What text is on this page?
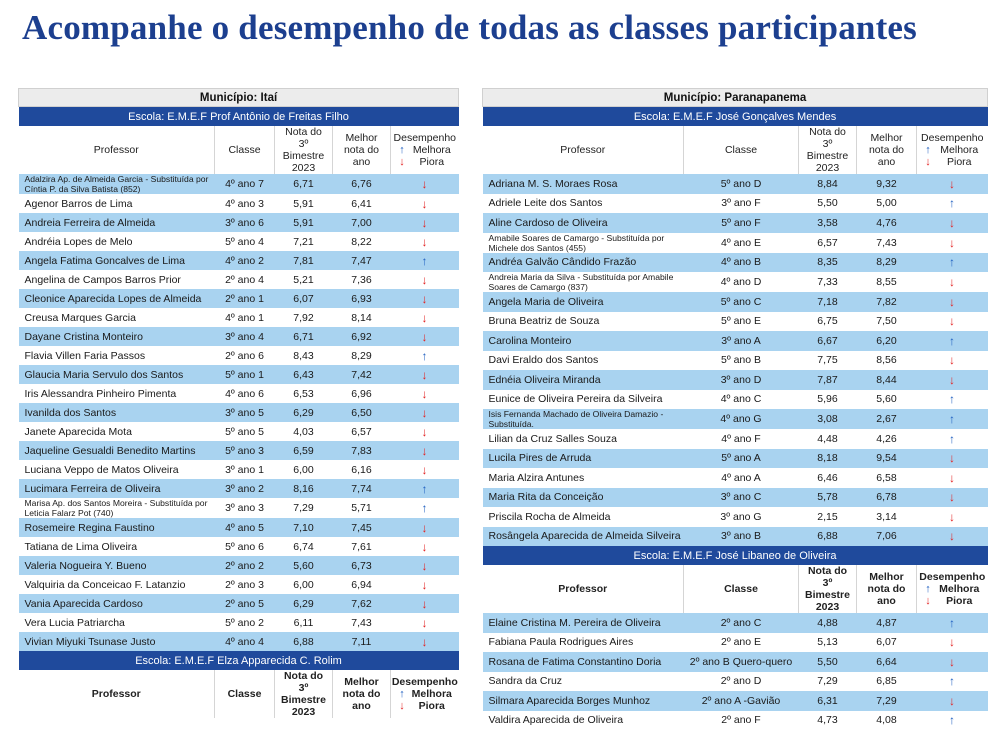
Acompanhe o desempenho de todas as classes participantes
Município: Itaí				
Escola: E.M.E.F Prof Antônio de Freitas Filho				
Professor	Classe	Nota do 3º Bimestre 2023	Melhor nota do ano	Desempenho
↑
↓
Melhora
Piora

Adalzira Ap. de Almeida Garcia - Substituída por Cíntia P. da Silva Batista (852)	4º ano 7	6,71	6,76	↓
Agenor Barros de Lima	4º ano 3	5,91	6,41	↓
Andreia Ferreira de Almeida	3º ano 6	5,91	7,00	↓
Andréia Lopes de Melo	5º ano 4	7,21	8,22	↓
Angela Fatima Goncalves de Lima	4º ano 2	7,81	7,47	↑
Angelina de Campos Barros Prior	2º ano 4	5,21	7,36	↓
Cleonice Aparecida Lopes de Almeida	2º ano 1	6,07	6,93	↓
Creusa Marques Garcia	4º ano 1	7,92	8,14	↓
Dayane Cristina Monteiro	3º ano 4	6,71	6,92	↓
Flavia Villen Faria Passos	2º ano 6	8,43	8,29	↑
Glaucia Maria Servulo dos Santos	5º ano 1	6,43	7,42	↓
Iris Alessandra Pinheiro Pimenta	4º ano 6	6,53	6,96	↓
Ivanilda dos Santos	3º ano 5	6,29	6,50	↓
Janete Aparecida Mota	5º ano 5	4,03	6,57	↓
Jaqueline Gesualdi Benedito Martins	5º ano 3	6,59	7,83	↓
Luciana Veppo de Matos Oliveira	3º ano 1	6,00	6,16	↓
Lucimara Ferreira de Oliveira	3º ano 2	8,16	7,74	↑
Marisa Ap. dos Santos Moreira - Substituída por Leticia Falarz Pot (740)	3º ano 3	7,29	5,71	↑
Rosemeire Regina Faustino	4º ano 5	7,10	7,45	↓
Tatiana de Lima Oliveira	5º ano 6	6,74	7,61	↓
Valeria Nogueira Y. Bueno	2º ano 2	5,60	6,73	↓
Valquiria da Conceicao F. Latanzio	2º ano 3	6,00	6,94	↓
Vania Aparecida Cardoso	2º ano 5	6,29	7,62	↓
Vera Lucia Patriarcha	5º ano 2	6,11	7,43	↓
Vivian Miyuki Tsunase Justo	4º ano 4	6,88	7,11	↓
Escola: E.M.E.F Elza Apparecida C. Rolim				
Professor	Classe	Nota do 3º Bimestre 2023	Melhor nota do ano	Desempenho
↑
↓
Melhora
Piora
Município: Paranapanema				
Escola: E.M.E.F José Gonçalves Mendes				
Professor	Classe	Nota do 3º Bimestre 2023	Melhor nota do ano	Desempenho
↑
↓
Melhora
Piora

Adriana M. S. Moraes Rosa	5º ano D	8,84	9,32	↓
Adriele Leite dos Santos	3º ano F	5,50	5,00	↑
Aline Cardoso de Oliveira	5º ano F	3,58	4,76	↓
Amabile Soares de Camargo - Substituída por Michele dos Santos (455)	4º ano E	6,57	7,43	↓
Andréa Galvão Cândido Frazão	4º ano B	8,35	8,29	↑
Andreia Maria da Silva - Substituída por Amabile Soares de Camargo (837)	4º ano D	7,33	8,55	↓
Angela Maria de Oliveira	5º ano C	7,18	7,82	↓
Bruna Beatriz de Souza	5º ano E	6,75	7,50	↓
Carolina Monteiro	3º ano A	6,67	6,20	↑
Davi Eraldo dos Santos	5º ano B	7,75	8,56	↓
Ednéia Oliveira Miranda	3º ano D	7,87	8,44	↓
Eunice de Oliveira Pereira da Silveira	4º ano C	5,96	5,60	↑
Isis Fernanda Machado de Oliveira Damazio - Substituída.	4º ano G	3,08	2,67	↑
Lilian da Cruz Salles Souza	4º ano F	4,48	4,26	↑
Lucila Pires de Arruda	5º ano A	8,18	9,54	↓
Maria Alzira Antunes	4º ano A	6,46	6,58	↓
Maria Rita da Conceição	3º ano C	5,78	6,78	↓
Priscila Rocha de Almeida	3º ano G	2,15	3,14	↓
Rosângela Aparecida de Almeida Silveira	3º ano B	6,88	7,06	↓
Escola: E.M.E.F José Libaneo de Oliveira				
Professor	Classe	Nota do 3º Bimestre 2023	Melhor nota do ano	Desempenho
↑
↓
Melhora
Piora

Elaine Cristina M. Pereira de Oliveira	2º ano C	4,88	4,87	↑
Fabiana Paula Rodrigues Aires	2º ano E	5,13	6,07	↓
Rosana de Fatima Constantino Doria	2º ano B Quero-quero	5,50	6,64	↓
Sandra da Cruz	2º ano D	7,29	6,85	↑
Silmara Aparecida Borges Munhoz	2º ano A -Gavião	6,31	7,29	↓
Valdira Aparecida de Oliveira	2º ano F	4,73	4,08	↑
